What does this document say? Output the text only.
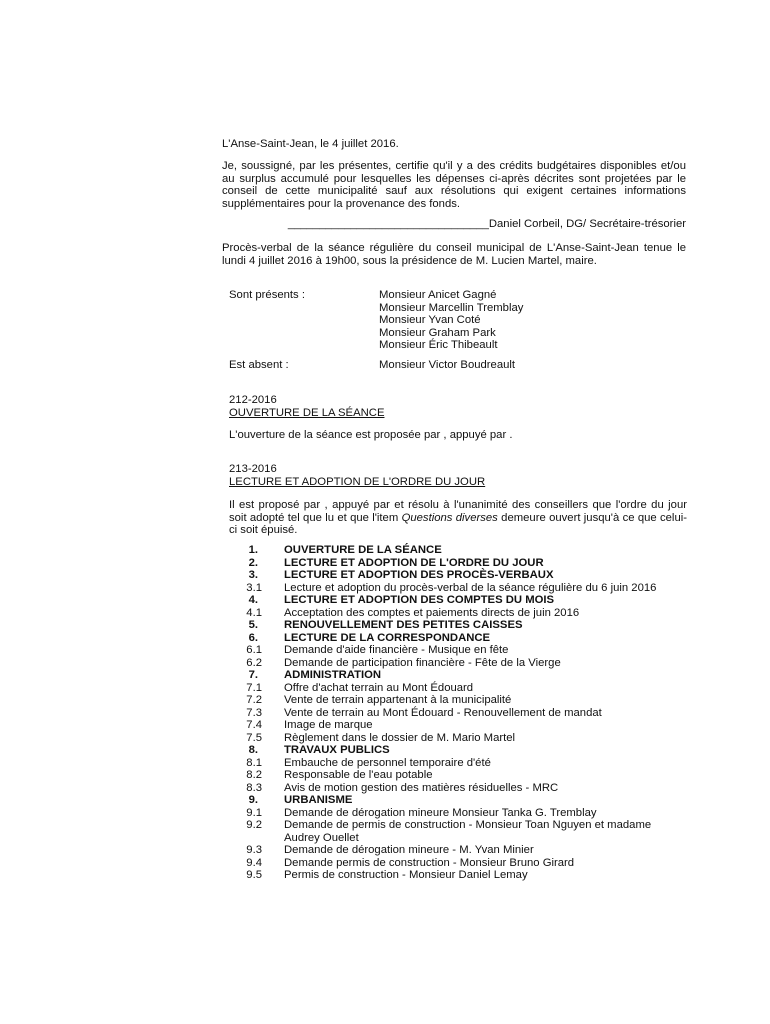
L'Anse-Saint-Jean, le 4 juillet 2016.
Je, soussigné, par les présentes, certifie qu'il y a des crédits budgétaires disponibles et/ou au surplus accumulé pour lesquelles les dépenses ci-après décrites sont projetées par le conseil de cette municipalité sauf aux résolutions qui exigent certaines informations supplémentaires pour la provenance des fonds.
________________________________Daniel Corbeil, DG/ Secrétaire-trésorier
Procès-verbal de la séance régulière du conseil municipal de L'Anse-Saint-Jean tenue le lundi 4 juillet 2016 à 19h00, sous la présidence de M. Lucien Martel, maire.
Sont présents :	Monsieur Anicet Gagné
Monsieur Marcellin Tremblay
Monsieur Yvan Coté
Monsieur Graham Park
Monsieur Éric Thibeault
Est absent :	Monsieur Victor Boudreault
212-2016
OUVERTURE DE LA SÉANCE
L'ouverture de la séance est proposée par , appuyé par .
213-2016
LECTURE ET ADOPTION DE L'ORDRE DU JOUR
Il est proposé par , appuyé par et résolu à l'unanimité des conseillers que l'ordre du jour soit adopté tel que lu et que l'item Questions diverses demeure ouvert jusqu'à ce que celui-ci soit épuisé.
1.	OUVERTURE DE LA SÉANCE
2.	LECTURE ET ADOPTION DE L'ORDRE DU JOUR
3.	LECTURE ET ADOPTION DES PROCÈS-VERBAUX
3.1 Lecture et adoption du procès-verbal de la séance régulière du 6 juin 2016
4.	LECTURE ET ADOPTION DES COMPTES DU MOIS
4.1 Acceptation des comptes et paiements directs de juin 2016
5.	RENOUVELLEMENT DES PETITES CAISSES
6.	LECTURE DE LA CORRESPONDANCE
6.1 Demande d'aide financière - Musique en fête
6.2 Demande de participation financière - Fête de la Vierge
7.	ADMINISTRATION
7.1 Offre d'achat terrain au Mont Édouard
7.2 Vente de terrain appartenant à la municipalité
7.3 Vente de terrain au Mont Édouard - Renouvellement de mandat
7.4 Image de marque
7.5 Règlement dans le dossier de M. Mario Martel
8.	TRAVAUX PUBLICS
8.1 Embauche de personnel temporaire d'été
8.2 Responsable de l'eau potable
8.3 Avis de motion gestion des matières résiduelles - MRC
9.	URBANISME
9.1 Demande de dérogation mineure Monsieur Tanka G. Tremblay
9.2 Demande de permis de construction - Monsieur Toan Nguyen et madame Audrey Ouellet
9.3 Demande de dérogation mineure - M. Yvan Minier
9.4 Demande permis de construction - Monsieur Bruno Girard
9.5 Permis de construction - Monsieur Daniel Lemay
